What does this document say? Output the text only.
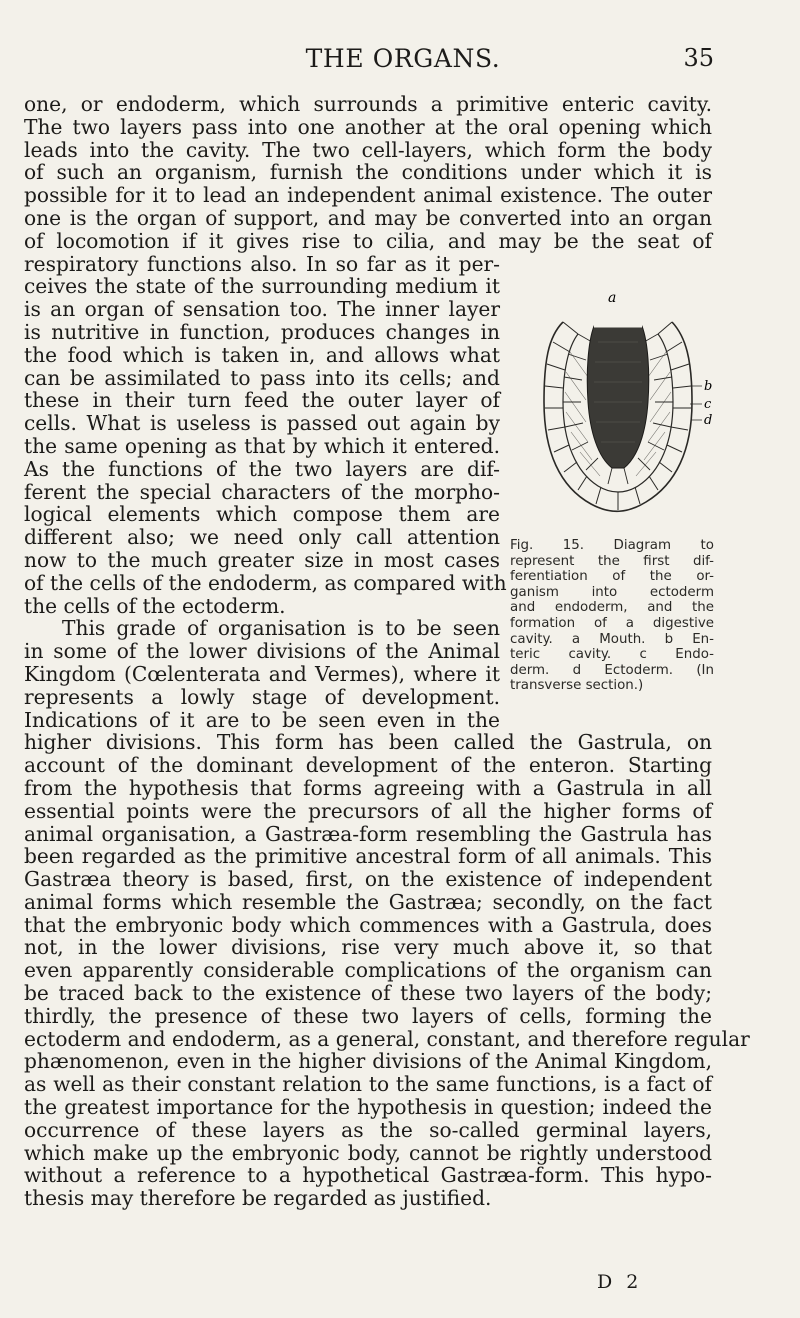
THE ORGANS.	35
one, or endoderm, which surrounds a primitive enteric cavity.
The two layers pass into one another at the oral opening which
leads into the cavity. The two cell-layers, which form the body
of such an organism, furnish the conditions under which it is
possible for it to lead an independent animal existence. The outer
one is the organ of support, and may be converted into an organ
of locomotion if it gives rise to cilia, and may be the seat of
respiratory functions also. In so far as it per-
ceives the state of the surrounding medium it
is an organ of sensation too. The inner layer
is nutritive in function, produces changes in
the food which is taken in, and allows what
can be assimilated to pass into its cells; and
these in their turn feed the outer layer of
cells. What is useless is passed out again by
the same opening as that by which it entered.
As the functions of the two layers are dif-
ferent the special characters of the morpho-
logical elements which compose them are
different also; we need only call attention
now to the much greater size in most cases
of the cells of the endoderm, as compared with
the cells of the ectoderm.
This grade of organisation is to be seen
in some of the lower divisions of the Animal
Kingdom (Cœlenterata and Vermes), where it
represents a lowly stage of development.
Indications of it are to be seen even in the
higher divisions. This form has been called the Gastrula, on
account of the dominant development of the enteron. Starting
from the hypothesis that forms agreeing with a Gastrula in all
essential points were the precursors of all the higher forms of
animal organisation, a Gastræa-form resembling the Gastrula has
been regarded as the primitive ancestral form of all animals. This
Gastræa theory is based, first, on the existence of independent
animal forms which resemble the Gastræa; secondly, on the fact
that the embryonic body which commences with a Gastrula, does
not, in the lower divisions, rise very much above it, so that
even apparently considerable complications of the organism can
be traced back to the existence of these two layers of the body;
thirdly, the presence of these two layers of cells, forming the
ectoderm and endoderm, as a general, constant, and therefore regular
phænomenon, even in the higher divisions of the Animal Kingdom,
as well as their constant relation to the same functions, is a fact of
the greatest importance for the hypothesis in question; indeed the
occurrence of these layers as the so-called germinal layers,
which make up the embryonic body, cannot be rightly understood
without a reference to a hypothetical Gastræa-form. This hypo-
thesis may therefore be regarded as justified.
a
b
c
d
Fig. 15. Diagram to
represent the first dif-
ferentiation of the or-
ganism into ectoderm
and endoderm, and the
formation of a digestive
cavity. a Mouth. b En-
teric cavity. c Endo-
derm. d Ectoderm. (In
transverse section.)
D 2
